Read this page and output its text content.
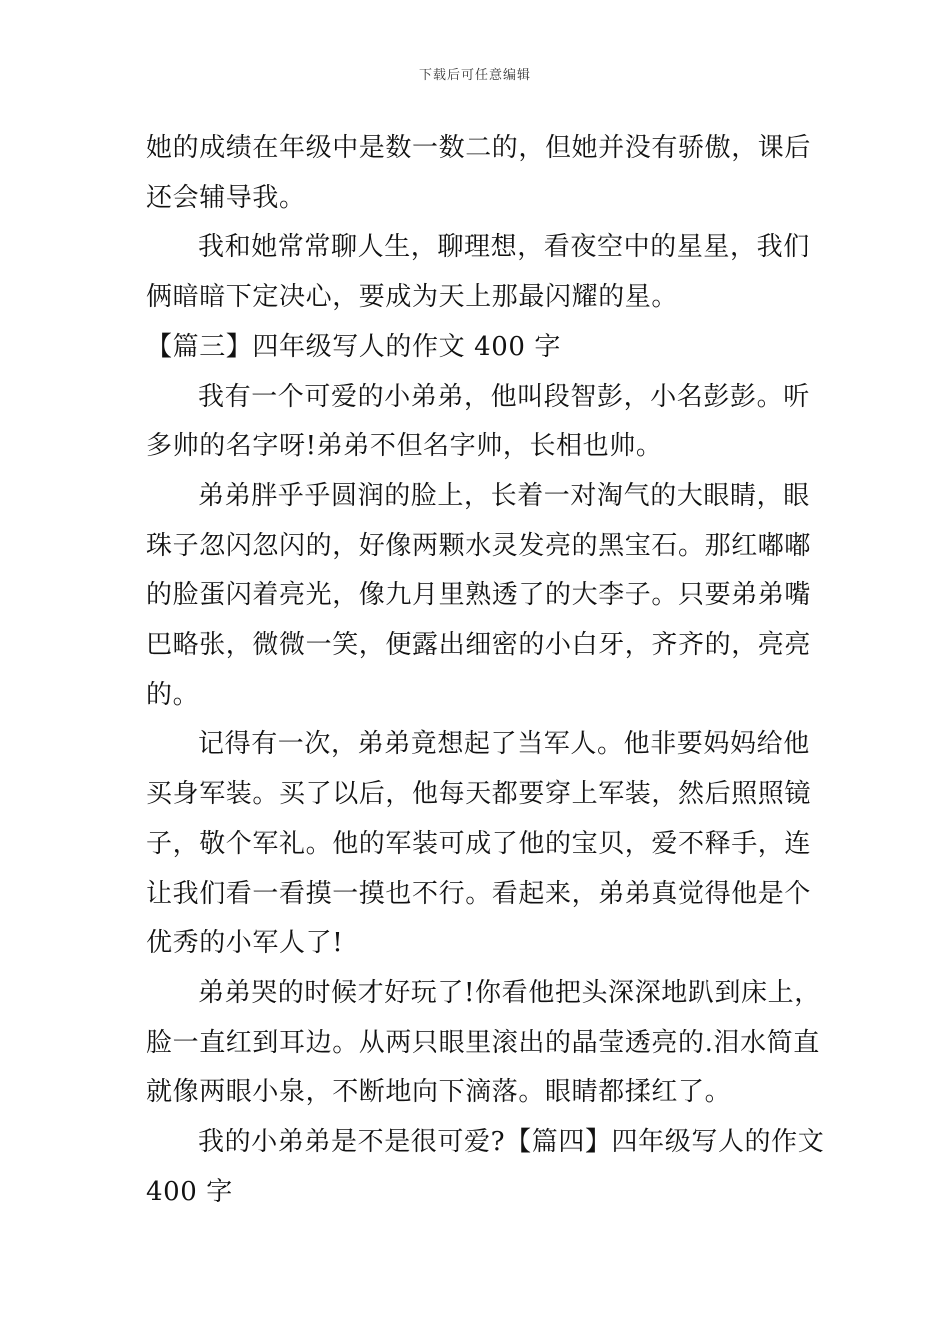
下载后可任意编辑
她的成绩在年级中是数一数二的，但她并没有骄傲，课后
还会辅导我。
我和她常常聊人生，聊理想，看夜空中的星星，我们
俩暗暗下定决心，要成为天上那最闪耀的星。
【篇三】四年级写人的作文 400 字
我有一个可爱的小弟弟，他叫段智彭，小名彭彭。听
多帅的名字呀!弟弟不但名字帅，长相也帅。
弟弟胖乎乎圆润的脸上，长着一对淘气的大眼睛，眼
珠子忽闪忽闪的，好像两颗水灵发亮的黑宝石。那红嘟嘟
的脸蛋闪着亮光，像九月里熟透了的大李子。只要弟弟嘴
巴略张，微微一笑，便露出细密的小白牙，齐齐的，亮亮
的。
记得有一次，弟弟竟想起了当军人。他非要妈妈给他
买身军装。买了以后，他每天都要穿上军装，然后照照镜
子，敬个军礼。他的军装可成了他的宝贝，爱不释手，连
让我们看一看摸一摸也不行。看起来，弟弟真觉得他是个
优秀的小军人了!
弟弟哭的时候才好玩了!你看他把头深深地趴到床上，
脸一直红到耳边。从两只眼里滚出的晶莹透亮的.泪水简直
就像两眼小泉，不断地向下滴落。眼睛都揉红了。
我的小弟弟是不是很可爱?【篇四】四年级写人的作文
400 字
